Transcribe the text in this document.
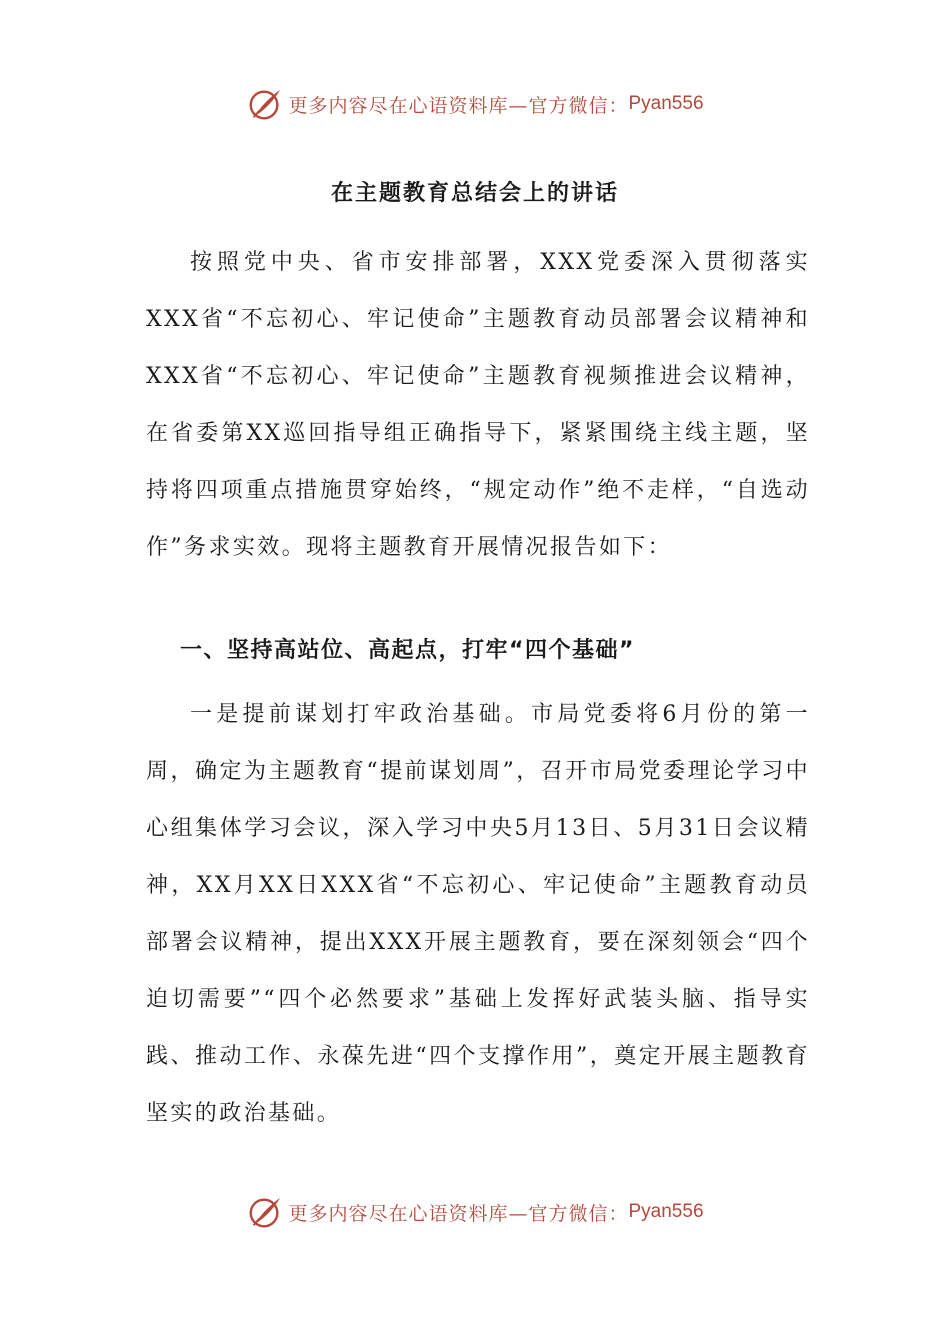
更多内容尽在心语资料库—官方微信： Pyan556
在主题教育总结会上的讲话
按照党中央、省市安排部署，XXX党委深入贯彻落实XXX省“不忘初心、牢记使命”主题教育动员部署会议精神和XXX省“不忘初心、牢记使命”主题教育视频推进会议精神，在省委第XX巡回指导组正确指导下，紧紧围绕主线主题，坚持将四项重点措施贯穿始终，“规定动作”绝不走样，“自选动作”务求实效。现将主题教育开展情况报告如下：
一、坚持高站位、高起点，打牢“四个基础”
一是提前谋划打牢政治基础。市局党委将6月份的第一周，确定为主题教育“提前谋划周”，召开市局党委理论学习中心组集体学习会议，深入学习中央5月13日、5月31日会议精神，XX月XX日XXX省“不忘初心、牢记使命”主题教育动员部署会议精神，提出XXX开展主题教育，要在深刻领会“四个迫切需要”“四个必然要求”基础上发挥好武装头脑、指导实践、推动工作、永葆先进“四个支撑作用”，奠定开展主题教育坚实的政治基础。
更多内容尽在心语资料库—官方微信： Pyan556
